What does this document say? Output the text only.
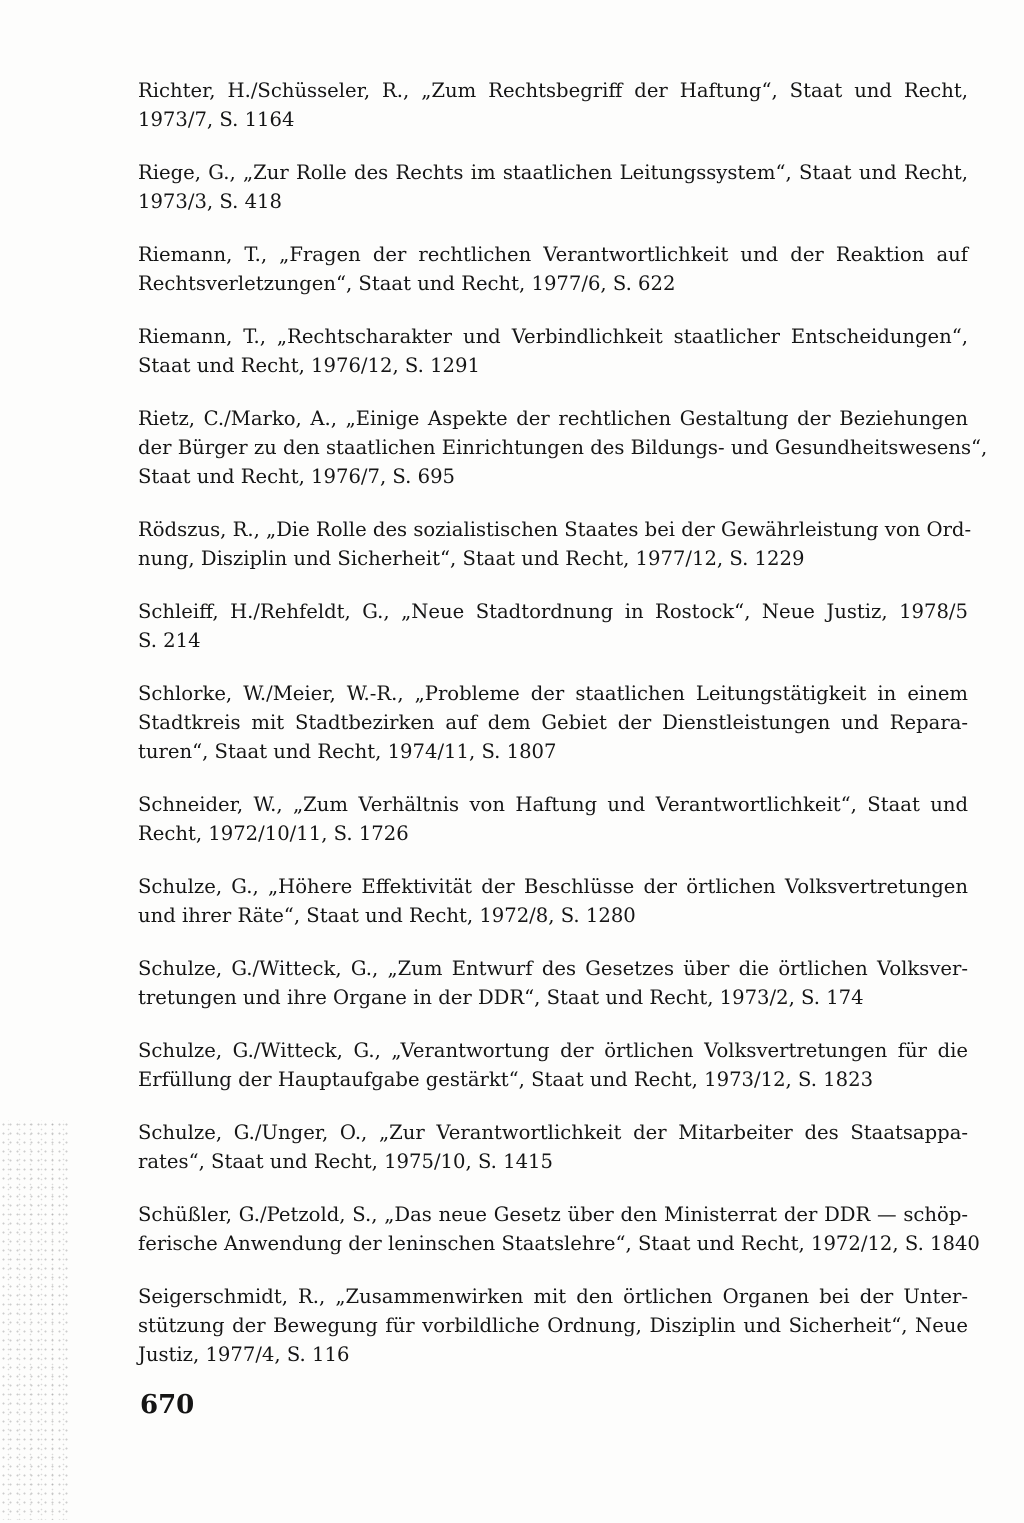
Richter, H./Schüsseler, R., „Zum Rechtsbegriff der Haftung“, Staat und Recht,
1973/7, S. 1164
Riege, G., „Zur Rolle des Rechts im staatlichen Leitungssystem“, Staat und Recht,
1973/3, S. 418
Riemann, T., „Fragen der rechtlichen Verantwortlichkeit und der Reaktion auf
Rechtsverletzungen“, Staat und Recht, 1977/6, S. 622
Riemann, T., „Rechtscharakter und Verbindlichkeit staatlicher Entscheidungen“,
Staat und Recht, 1976/12, S. 1291
Rietz, C./Marko, A., „Einige Aspekte der rechtlichen Gestaltung der Beziehungen
der Bürger zu den staatlichen Einrichtungen des Bildungs- und Gesundheitswesens“,
Staat und Recht, 1976/7, S. 695
Rödszus, R., „Die Rolle des sozialistischen Staates bei der Gewährleistung von Ord-
nung, Disziplin und Sicherheit“, Staat und Recht, 1977/12, S. 1229
Schleiff, H./Rehfeldt, G., „Neue Stadtordnung in Rostock“, Neue Justiz, 1978/5
S. 214
Schlorke, W./Meier, W.-R., „Probleme der staatlichen Leitungstätigkeit in einem
Stadtkreis mit Stadtbezirken auf dem Gebiet der Dienstleistungen und Repara-
turen“, Staat und Recht, 1974/11, S. 1807
Schneider, W., „Zum Verhältnis von Haftung und Verantwortlichkeit“, Staat und
Recht, 1972/10/11, S. 1726
Schulze, G., „Höhere Effektivität der Beschlüsse der örtlichen Volksvertretungen
und ihrer Räte“, Staat und Recht, 1972/8, S. 1280
Schulze, G./Witteck, G., „Zum Entwurf des Gesetzes über die örtlichen Volksver-
tretungen und ihre Organe in der DDR“, Staat und Recht, 1973/2, S. 174
Schulze, G./Witteck, G., „Verantwortung der örtlichen Volksvertretungen für die
Erfüllung der Hauptaufgabe gestärkt“, Staat und Recht, 1973/12, S. 1823
Schulze, G./Unger, O., „Zur Verantwortlichkeit der Mitarbeiter des Staatsappa-
rates“, Staat und Recht, 1975/10, S. 1415
Schüßler, G./Petzold, S., „Das neue Gesetz über den Ministerrat der DDR — schöp-
ferische Anwendung der leninschen Staatslehre“, Staat und Recht, 1972/12, S. 1840
Seigerschmidt, R., „Zusammenwirken mit den örtlichen Organen bei der Unter-
stützung der Bewegung für vorbildliche Ordnung, Disziplin und Sicherheit“, Neue
Justiz, 1977/4, S. 116
670
